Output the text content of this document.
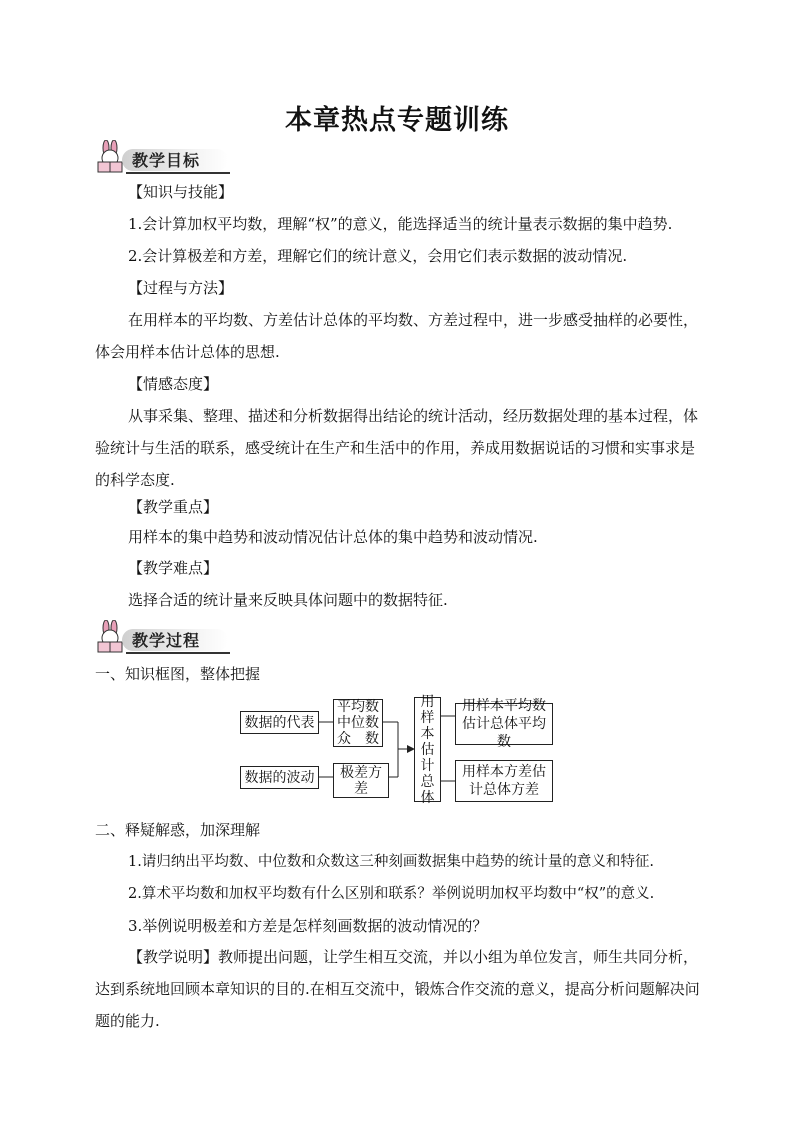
本章热点专题训练
教学目标
【知识与技能】
1.会计算加权平均数，理解“权”的意义，能选择适当的统计量表示数据的集中趋势.
2.会计算极差和方差，理解它们的统计意义，会用它们表示数据的波动情况.
【过程与方法】
在用样本的平均数、方差估计总体的平均数、方差过程中，进一步感受抽样的必要性，体会用样本估计总体的思想.
【情感态度】
从事采集、整理、描述和分析数据得出结论的统计活动，经历数据处理的基本过程，体验统计与生活的联系，感受统计在生产和生活中的作用，养成用数据说话的习惯和实事求是的科学态度.
【教学重点】
用样本的集中趋势和波动情况估计总体的集中趋势和波动情况.
【教学难点】
选择合适的统计量来反映具体问题中的数据特征.
教学过程
一、知识框图，整体把握
数据的代表
平均数中位数众　数
数据的波动	极差方差
用样本估计总体
用样本平均数估计总体平均数
用样本方差估计总体方差
二、释疑解惑，加深理解
1.请归纳出平均数、中位数和众数这三种刻画数据集中趋势的统计量的意义和特征.
2.算术平均数和加权平均数有什么区别和联系？举例说明加权平均数中“权”的意义.
3.举例说明极差和方差是怎样刻画数据的波动情况的？
【教学说明】教师提出问题，让学生相互交流，并以小组为单位发言，师生共同分析，达到系统地回顾本章知识的目的.在相互交流中，锻炼合作交流的意义，提高分析问题解决问题的能力.
